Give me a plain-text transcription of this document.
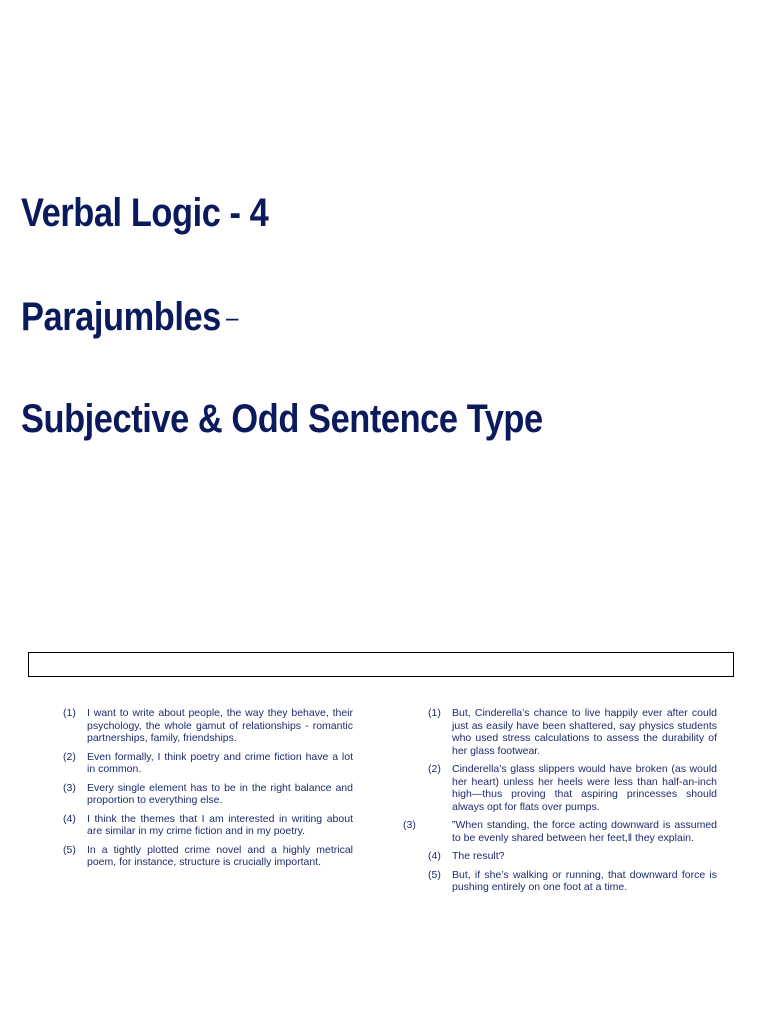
Verbal Logic - 4
Parajumbles –
Subjective & Odd Sentence Type
(1) I want to write about people, the way they behave, their psychology, the whole gamut of relationships - romantic partnerships, family, friendships.
(2) Even formally, I think poetry and crime fiction have a lot in common.
(3) Every single element has to be in the right balance and proportion to everything else.
(4) I think the themes that I am interested in writing about are similar in my crime fiction and in my poetry.
(5) In a tightly plotted crime novel and a highly metrical poem, for instance, structure is crucially important.
(1) But, Cinderella’s chance to live happily ever after could just as easily have been shattered, say physics students who used stress calculations to assess the durability of her glass footwear.
(2) Cinderella’s glass slippers would have broken (as would her heart) unless her heels were less than half-an-inch high—thus proving that aspiring princesses should always opt for flats over pumps.
(3)	‟When standing, the force acting downward is assumed to be evenly shared between her feet,‖ they explain.
(4) The result?
(5) But, if she’s walking or running, that downward force is pushing entirely on one foot at a time.
